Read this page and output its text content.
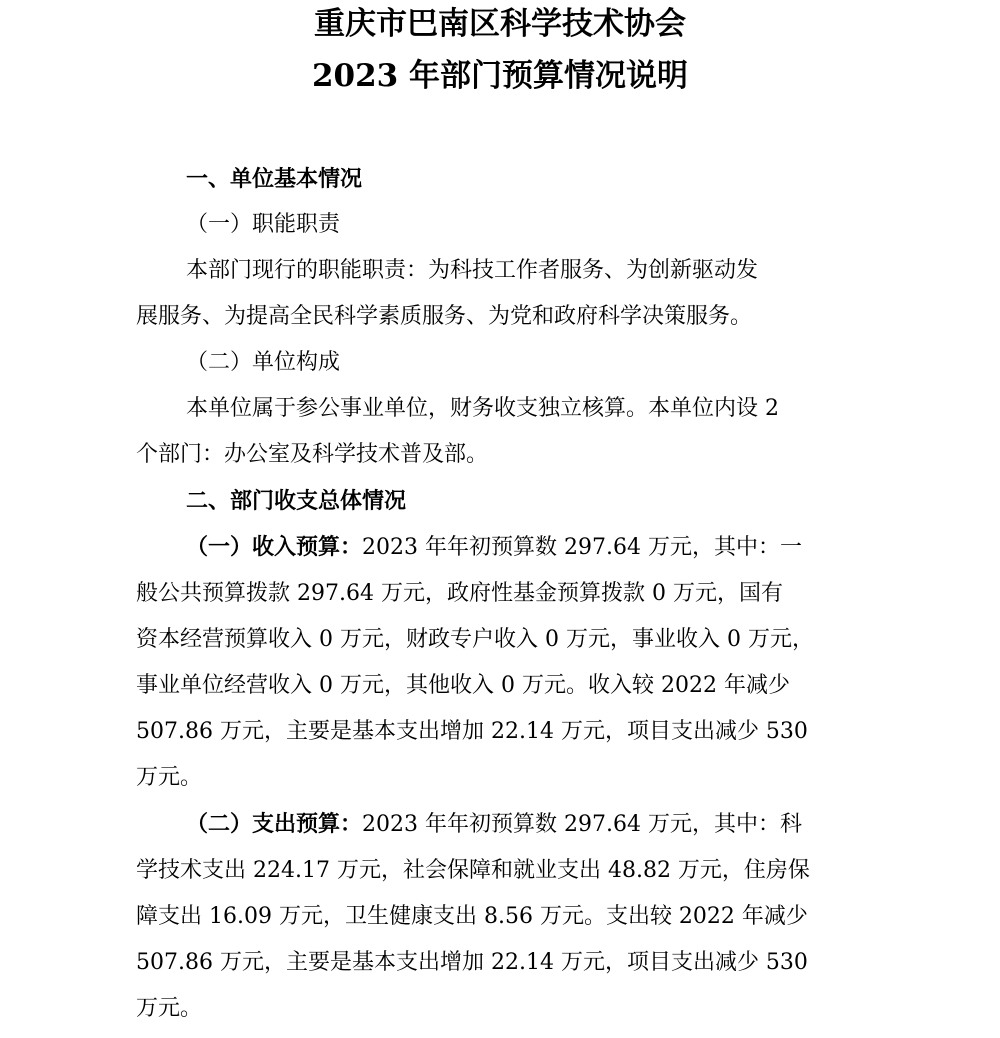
重庆市巴南区科学技术协会
2023 年部门预算情况说明

一、单位基本情况

（一）职能职责

本部门现行的职能职责：为科技工作者服务、为创新驱动发

展服务、为提高全民科学素质服务、为党和政府科学决策服务。

（二）单位构成

本单位属于参公事业单位，财务收支独立核算。本单位内设 2

个部门：办公室及科学技术普及部。

二、部门收支总体情况

（一）收入预算：2023 年年初预算数 297.64 万元，其中：一

般公共预算拨款 297.64 万元，政府性基金预算拨款 0 万元，国有

资本经营预算收入 0 万元，财政专户收入 0 万元，事业收入 0 万元，

事业单位经营收入 0 万元，其他收入 0 万元。收入较 2022 年减少

507.86 万元，主要是基本支出增加 22.14 万元，项目支出减少 530

万元。

（二）支出预算：2023 年年初预算数 297.64 万元，其中：科

学技术支出 224.17 万元，社会保障和就业支出 48.82 万元，住房保

障支出 16.09 万元，卫生健康支出 8.56 万元。支出较 2022 年减少

507.86 万元，主要是基本支出增加 22.14 万元，项目支出减少 530

万元。
